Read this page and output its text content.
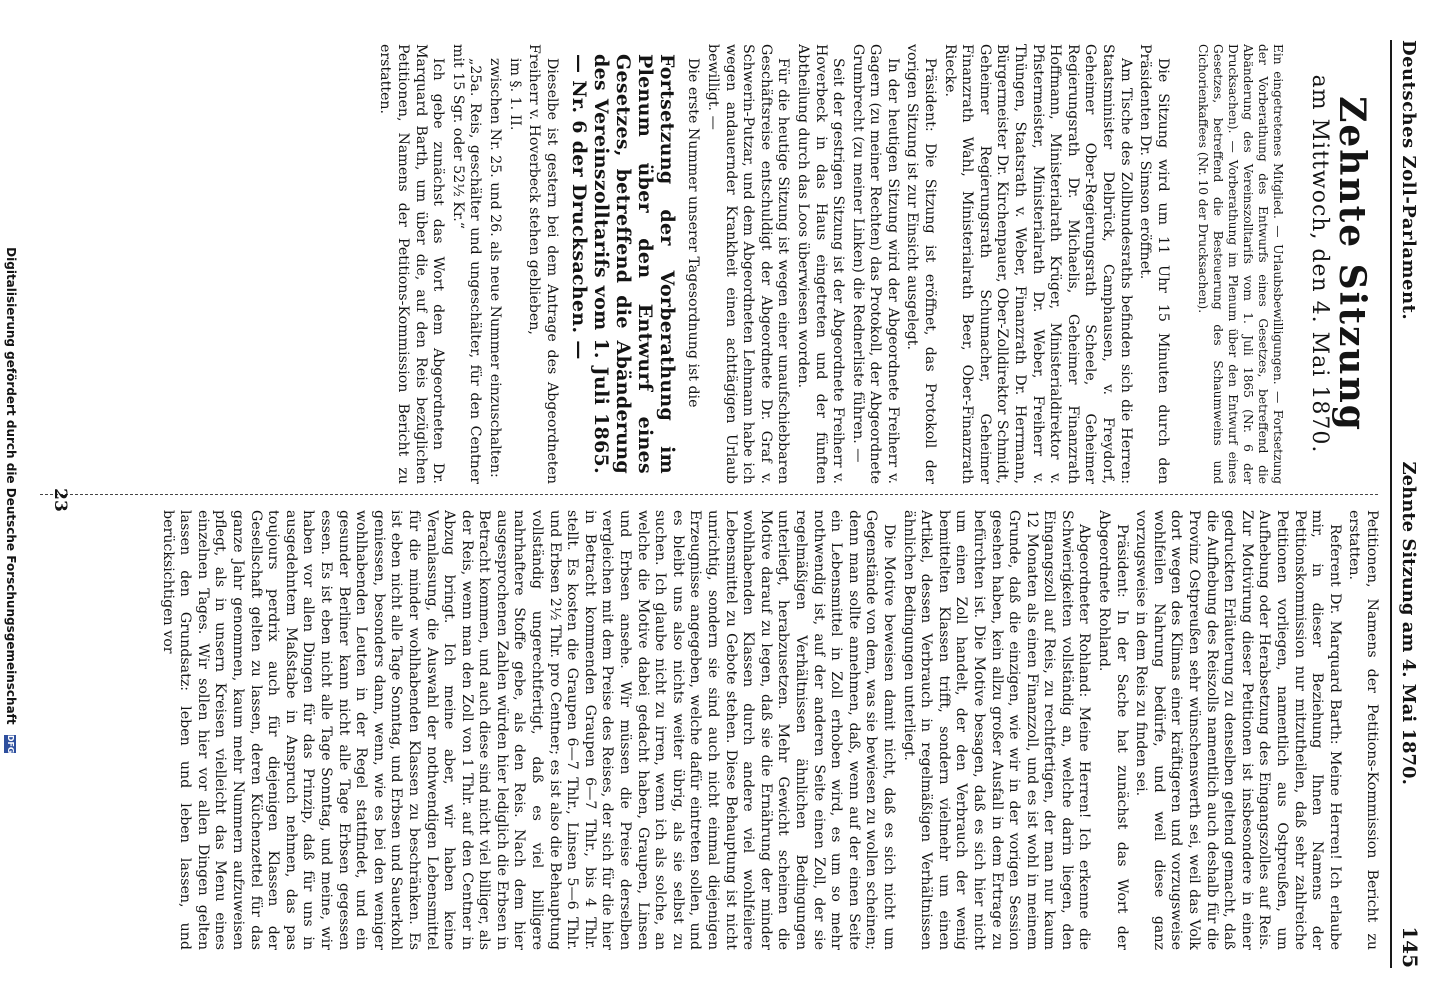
Deutsches Zoll-Parlament.
Zehnte Sitzung am 4. Mai 1870.
145
Zehnte Sitzung
am Mittwoch, den 4. Mai 1870.
Ein eingetretenes Mitglied. — Urlaubsbewilligungen. — Fortsetzung der Vorberathung des Entwurfs eines Gesetzes, betreffend die Abänderung des Vereinszolltarifs vom 1. Juli 1865 (Nr. 6 der Drucksachen). — Vorberathung im Plenum über den Entwurf eines Gesetzes, betreffend die Besteuerung des Schaumweins und Cichorienkaffees (Nr. 10 der Drucksachen).

Die Sitzung wird um 11 Uhr 15 Minuten durch den Präsidenten Dr. Simson eröffnet.

Am Tische des Zollbundesraths befinden sich die Herren: Staatsminister Delbrück, Camphausen, v. Freydorf, Geheimer Ober-Regierungsrath Scheele, Geheimer Regierungsrath Dr. Michaelis, Geheimer Finanzrath Hoffmann, Ministerialrath Krüger, Ministerialdirektor v. Pfistermeister, Ministerialrath Dr. Weber, Freiherr v. Thüngen, Staatsrath v. Weber, Finanzrath Dr. Herrmann, Bürgermeister Dr. Kirchenpauer, Ober-Zolldirektor Schmidt, Geheimer Regierungsrath Schumacher, Geheimer Finanzrath Wahl, Ministerialrath Beer, Ober-Finanzrath Riecke.

Präsident: Die Sitzung ist eröffnet, das Protokoll der vorigen Sitzung ist zur Einsicht ausgelegt.

In der heutigen Sitzung wird der Abgeordnete Freiherr v. Gagern (zu meiner Rechten) das Protokoll, der Abgeordnete Grumbrecht (zu meiner Linken) die Rednerliste führen. —

Seit der gestrigen Sitzung ist der Abgeordnete Freiherr v. Hoverbeck in das Haus eingetreten und der fünften Abtheilung durch das Loos überwiesen worden.

Für die heutige Sitzung ist wegen einer unaufschiebbaren Geschäftsreise entschuldigt der Abgeordnete Dr. Graf v. Schwerin-Putzar, und dem Abgeordneten Lehmann habe ich wegen andauernder Krankheit einen achttägigen Urlaub bewilligt. —

Die erste Nummer unserer Tagesordnung ist die

Fortsetzung der Vorberathung im Plenum über den Entwurf eines Gesetzes, betreffend die Abänderung des Vereinszolltarifs vom 1. Juli 1865. — Nr. 6 der Drucksachen. —

Dieselbe ist gestern bei dem Antrage des Abgeordneten Freiherr v. Hoverbeck stehen geblieben,

im §. 1. II.

zwischen Nr. 25. und 26. als neue Nummer einzuschalten:

„25a. Reis, geschälter und ungeschälter, für den Centner mit 15 Sgr. oder 52½ Kr.“

Ich gebe zunächst das Wort dem Abgeordneten Dr. Marquard Barth, um über die, auf den Reis bezüglichen Petitionen, Namens der Petitions-Kommission Bericht zu erstatten.

Petitionen, Namens der Petitions-Kommission Bericht zu erstatten.

Referent Dr. Marquard Barth: Meine Herren! Ich erlaube mir, in dieser Beziehung Ihnen Namens der Petitionskommission nur mitzutheilen, daß sehr zahlreiche Petitionen vorliegen, namentlich aus Ostpreußen, um Aufhebung oder Herabsetzung des Eingangszolles auf Reis. Zur Motivirung dieser Petitionen ist insbesondere in einer gedruckten Erläuterung zu denselben geltend gemacht, daß die Aufhebung des Reiszolls namentlich auch deshalb für die Provinz Ostpreußen sehr wünschenswerth sei, weil das Volk dort wegen des Klimas einer kräftigeren und vorzugsweise wohlfeilen Nahrung bedürfe, und weil diese ganz vorzugsweise in dem Reis zu finden sei.

Präsident: In der Sache hat zunächst das Wort der Abgeordnete Rohland.

Abgeordneter Rohland: Meine Herren! Ich erkenne die Schwierigkeiten vollständig an, welche darin liegen, den Eingangszoll auf Reis, zu rechtfertigen, der man nur kaum 12 Monaten als einen Finanzzoll, und es ist wohl in meinem Grunde, daß die einzigen, wie wir in der vorigen Session gesehen haben, kein allzu großer Ausfall in dem Ertrage zu befürchten ist. Die Motive besagen, daß es sich hier nicht um einen Zoll handelt, der den Verbrauch der wenig bemittelten Klassen trifft, sondern vielmehr um einen Artikel, dessen Verbrauch in regelmäßigen Verhältnissen ähnlichen Bedingungen unterliegt.

Die Motive beweisen damit nicht, daß es sich nicht um Gegenstände von dem, was sie bewiesen zu wollen scheinen; denn man sollte annehmen, daß, wenn auf der einen Seite ein Lebensmittel in Zoll erhoben wird, es um so mehr nothwendig ist, auf der anderen Seite einen Zoll, der sie regelmäßigen Verhältnissen ähnlichen Bedingungen unterliegt, herabzusetzen. Mehr Gewicht scheinen die Motive darauf zu legen, daß sie die Ernährung der minder wohlhabenden Klassen durch andere viel wohlfeilere Lebensmittel zu Gebote stehen. Diese Behauptung ist nicht unrichtig, sondern sie sind auch nicht einmal diejenigen Erzeugnisse angegeben, welche dafür eintreten sollen, und es bleibt uns also nichts weiter übrig, als sie selbst zu suchen. Ich glaube nicht zu irren, wenn ich als solche, an welche die Motive dabei gedacht haben, Graupen, Linsen und Erbsen ansehe. Wir müssen die Preise derselben vergleichen mit dem Preise des Reises, der sich für die hier in Betracht kommenden Graupen 6—7 Thlr., bis 4 Thlr. stellt. Es kosten die Graupen 6—7 Thlr., Linsen 5—6 Thlr. und Erbsen 2½ Thlr. pro Centner; es ist also die Behauptung vollständig ungerechtfertigt, daß es viel billigere nahrhaftere Stoffe gebe, als den Reis. Nach dem hier ausgesprochenen Zahlen würden hier lediglich die Erbsen in Betracht kommen, und auch diese sind nicht viel billiger, als der Reis, wenn man den Zoll von 1 Thlr. auf den Centner in Abzug bringt. Ich meine aber, wir haben keine Veranlassung, die Auswahl der nothwendigen Lebensmittel für die minder wohlhabenden Klassen zu beschränken. Es ist eben nicht alle Tage Sonntag, und Erbsen und Sauerkohl geniessen, besonders dann, wenn, wie es bei den weniger wohlhabenden Leuten in der Regel stattfindet, und ein gesunder Berliner kann nicht alle Tage Erbsen gegessen essen. Es ist eben nicht alle Tage Sonntag, und meine, wir haben vor allen Dingen für das Prinzip, daß für uns in ausgedehntem Maßstabe in Anspruch nehmen, das pas toujours perdrix auch für diejenigen Klassen der Gesellschaft gelten zu lassen, deren Küchenzettel für das ganze Jahr genommen, kaum mehr Nummern aufzuweisen pflegt, als in unsern Kreisen vielleicht das Menu eines einzelnen Tages. Wir sollen hier vor allen Dingen gelten lassen den Grundsatz: leben und leben lassen, und berücksichtigen vor

23
Digitalisierung gefördert durch die Deutsche Forschungsgemeinschaft DFG
